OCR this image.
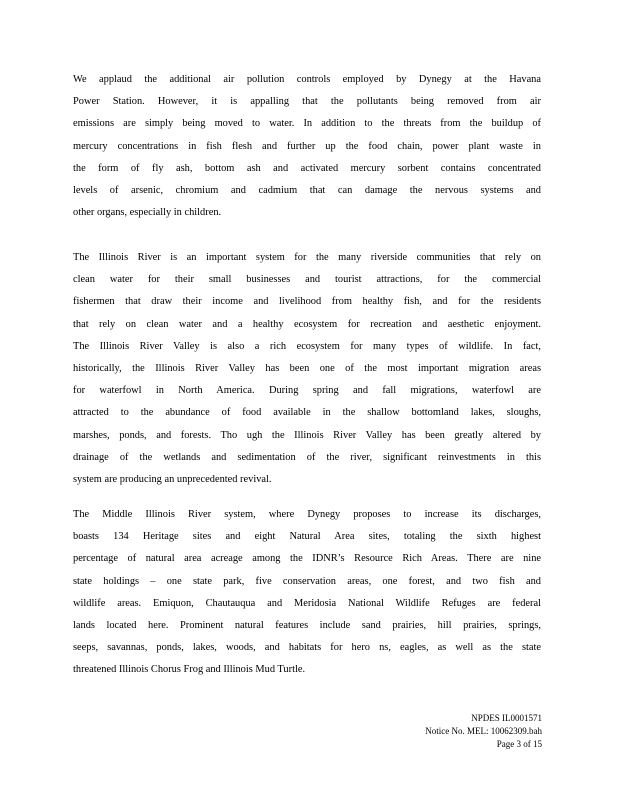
We applaud the additional air pollution controls employed by Dynegy at the Havana
Power Station. However, it is appalling that the pollutants being removed from air
emissions are simply being moved to water. In addition to the threats from the buildup of
mercury concentrations in fish flesh and further up the food chain, power plant waste in
the form of fly ash, bottom ash and activated mercury sorbent contains concentrated
levels of arsenic, chromium and cadmium that can damage the nervous systems and
other organs, especially in children.
The Illinois River is an important system for the many riverside communities that rely on
clean water for their small businesses and tourist attractions, for the commercial
fishermen that draw their income and livelihood from healthy fish, and for the residents
that rely on clean water and a healthy ecosystem for recreation and aesthetic enjoyment.
The Illinois River Valley is also a rich ecosystem for many types of wildlife. In fact,
historically, the Illinois River Valley has been one of the most important migration areas
for waterfowl in North America. During spring and fall migrations, waterfowl are
attracted to the abundance of food available in the shallow bottomland lakes, sloughs,
marshes, ponds, and forests. Tho ugh the Illinois River Valley has been greatly altered by
drainage of the wetlands and sedimentation of the river, significant reinvestments in this
system are producing an unprecedented revival.
The Middle Illinois River system, where Dynegy proposes to increase its discharges,
boasts 134 Heritage sites and eight Natural Area sites, totaling the sixth highest
percentage of natural area acreage among the IDNR’s Resource Rich Areas. There are nine
state holdings – one state park, five conservation areas, one forest, and two fish and
wildlife areas. Emiquon, Chautauqua and Meridosia National Wildlife Refuges are federal
lands located here. Prominent natural features include sand prairies, hill prairies, springs,
seeps, savannas, ponds, lakes, woods, and habitats for hero ns, eagles, as well as the state
threatened Illinois Chorus Frog and Illinois Mud Turtle.
NPDES IL0001571
Notice No. MEL: 10062309.bah
Page 3 of 15
